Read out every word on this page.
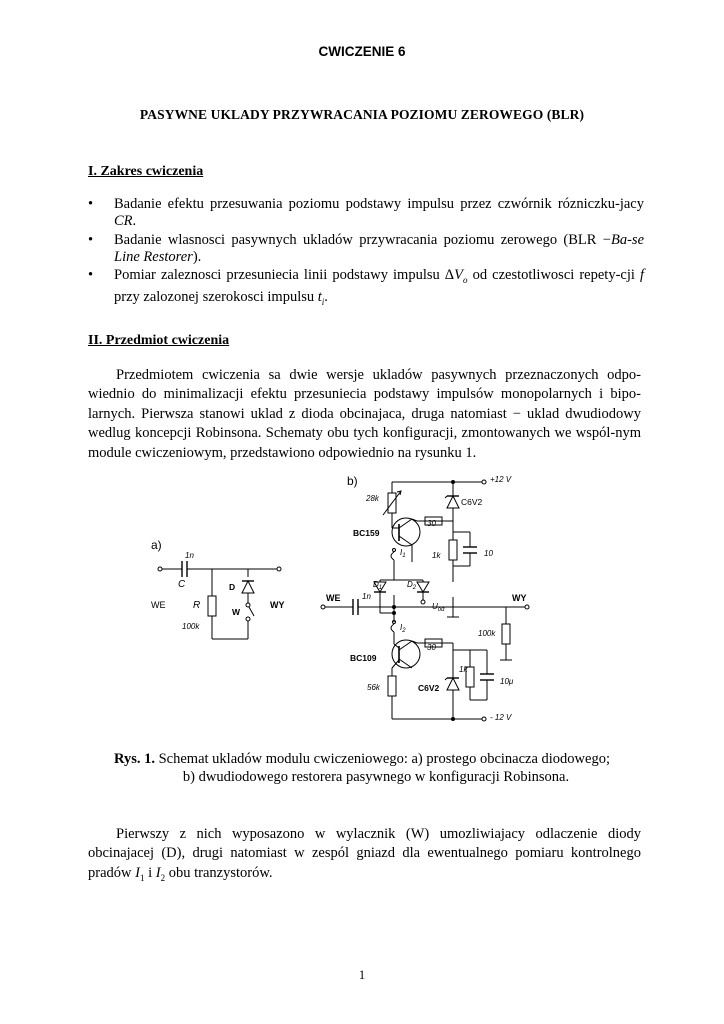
CWICZENIE 6
PASYWNE UKLADY PRZYWRACANIA POZIOMU ZEROWEGO (BLR)
I. Zakres cwiczenia
• Badanie efektu przesuwania poziomu podstawy impulsu przez czwórnik rózniczku-jacy CR.
• Badanie wlasnosci pasywnych ukladów przywracania poziomu zerowego (BLR −Ba-se Line Restorer).
• Pomiar zaleznosci przesuniecia linii podstawy impulsu $\Delta V_o$ od czestotliwosci repety-cji f przy zalozonej szerokosci impulsu $t_i$.
II. Przedmiot cwiczenia
Przedmiotem cwiczenia sa dwie wersje ukladów pasywnych przeznaczonych odpo-wiednio do minimalizacji efektu przesuniecia podstawy impulsów monopolarnych i bipo-larnych. Pierwsza stanowi uklad z dioda obcinajaca, druga natomiast − uklad dwudiodowy wedlug koncepcji Robinsona. Schematy obu tych konfiguracji, zmontowanych we wspól-nym module cwiczeniowym, przedstawiono odpowiednio na rysunku 1.
a)
1n
C	D
WE	R
W
WY
100k
b)	+12 V
28k	C6V2
30
BC159
$I_1$	1k	10
$D_1$	$D_2$
WE	1n
$U_{od}$
WY
100k
$I_2$
30
BC109
1k
10μ
56k	C6V2
- 12 V
Rys. 1. Schemat ukladów modulu cwiczeniowego: a) prostego obcinacza diodowego;
b) dwudiodowego restorera pasywnego w konfiguracji Robinsona.
Pierwszy z nich wyposazono w wylacznik (W) umozliwiajacy odlaczenie diody obcinajacej (D), drugi natomiast w zespól gniazd dla ewentualnego pomiaru kontrolnego pradów $I_1$ i $I_2$ obu tranzystorów.
1
